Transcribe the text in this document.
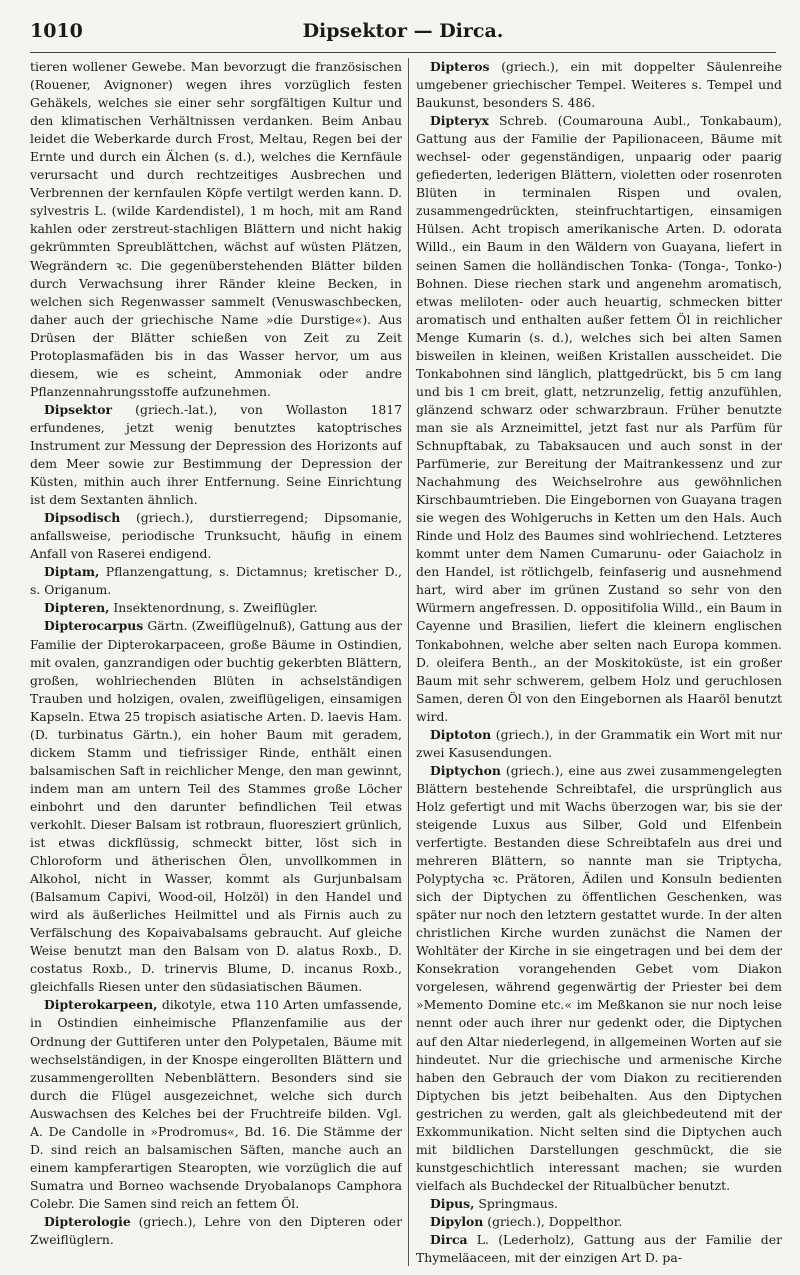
1010	Dipsektor — Dirca.

tieren wollener Gewebe. Man bevorzugt die französischen (Rouener, Avignoner) wegen ihres vorzüglich festen Gehäkels, welches sie einer sehr sorgfältigen Kultur und den klimatischen Verhältnissen verdanken. Beim Anbau leidet die Weberkarde durch Frost, Meltau, Regen bei der Ernte und durch ein Älchen (s. d.), welches die Kernfäule verursacht und durch rechtzeitiges Ausbrechen und Verbrennen der kernfaulen Köpfe vertilgt werden kann. D. sylvestris L. (wilde Kardendistel), 1 m hoch, mit am Rand kahlen oder zerstreut-stachligen Blättern und nicht hakig gekrümmten Spreublättchen, wächst auf wüsten Plätzen, Wegrändern ꝛc. Die gegenüberstehenden Blätter bilden durch Verwachsung ihrer Ränder kleine Becken, in welchen sich Regenwasser sammelt (Venuswaschbecken, daher auch der griechische Name »die Durstige«). Aus Drüsen der Blätter schießen von Zeit zu Zeit Protoplasmafäden bis in das Wasser hervor, um aus diesem, wie es scheint, Ammoniak oder andre Pflanzennahrungsstoffe aufzunehmen.

Dipsektor (griech.-lat.), von Wollaston 1817 erfundenes, jetzt wenig benutztes katoptrisches Instrument zur Messung der Depression des Horizonts auf dem Meer sowie zur Bestimmung der Depression der Küsten, mithin auch ihrer Entfernung. Seine Einrichtung ist dem Sextanten ähnlich.

Dipsodisch (griech.), durstierregend; Dipsomanie, anfallsweise, periodische Trunksucht, häufig in einem Anfall von Raserei endigend.

Diptam, Pflanzengattung, s. Dictamnus; kretischer D., s. Origanum.

Dipteren, Insektenordnung, s. Zweiflügler.

Dipterocarpus Gärtn. (Zweiflügelnuß), Gattung aus der Familie der Dipterokarpaceen, große Bäume in Ostindien, mit ovalen, ganzrandigen oder buchtig gekerbten Blättern, großen, wohlriechenden Blüten in achselständigen Trauben und holzigen, ovalen, zweiflügeligen, einsamigen Kapseln. Etwa 25 tropisch asiatische Arten. D. laevis Ham. (D. turbinatus Gärtn.), ein hoher Baum mit geradem, dickem Stamm und tiefrissiger Rinde, enthält einen balsamischen Saft in reichlicher Menge, den man gewinnt, indem man am untern Teil des Stammes große Löcher einbohrt und den darunter befindlichen Teil etwas verkohlt. Dieser Balsam ist rotbraun, fluoresziert grünlich, ist etwas dickflüssig, schmeckt bitter, löst sich in Chloroform und ätherischen Ölen, unvollkommen in Alkohol, nicht in Wasser, kommt als Gurjunbalsam (Balsamum Capivi, Wood-oil, Holzöl) in den Handel und wird als äußerliches Heilmittel und als Firnis auch zu Verfälschung des Kopaivabalsams gebraucht. Auf gleiche Weise benutzt man den Balsam von D. alatus Roxb., D. costatus Roxb., D. trinervis Blume, D. incanus Roxb., gleichfalls Riesen unter den südasiatischen Bäumen.

Dipterokarpeen, dikotyle, etwa 110 Arten umfassende, in Ostindien einheimische Pflanzenfamilie aus der Ordnung der Guttiferen unter den Polypetalen, Bäume mit wechselständigen, in der Knospe eingerollten Blättern und zusammengerollten Nebenblättern. Besonders sind sie durch die Flügel ausgezeichnet, welche sich durch Auswachsen des Kelches bei der Fruchtreife bilden. Vgl. A. De Candolle in »Prodromus«, Bd. 16. Die Stämme der D. sind reich an balsamischen Säften, manche auch an einem kampferartigen Stearopten, wie vorzüglich die auf Sumatra und Borneo wachsende Dryobalanops Camphora Colebr. Die Samen sind reich an fettem Öl.

Dipterologie (griech.), Lehre von den Dipteren oder Zweiflüglern.

Dipteros (griech.), ein mit doppelter Säulenreihe umgebener griechischer Tempel. Weiteres s. Tempel und Baukunst, besonders S. 486.

Dipteryx Schreb. (Coumarouna Aubl., Tonkabaum), Gattung aus der Familie der Papilionaceen, Bäume mit wechsel- oder gegenständigen, unpaarig oder paarig gefiederten, lederigen Blättern, violetten oder rosenroten Blüten in terminalen Rispen und ovalen, zusammengedrückten, steinfruchtartigen, einsamigen Hülsen. Acht tropisch amerikanische Arten. D. odorata Willd., ein Baum in den Wäldern von Guayana, liefert in seinen Samen die holländischen Tonka- (Tonga-, Tonko-) Bohnen. Diese riechen stark und angenehm aromatisch, etwas meliloten- oder auch heuartig, schmecken bitter aromatisch und enthalten außer fettem Öl in reichlicher Menge Kumarin (s. d.), welches sich bei alten Samen bisweilen in kleinen, weißen Kristallen ausscheidet. Die Tonkabohnen sind länglich, plattgedrückt, bis 5 cm lang und bis 1 cm breit, glatt, netzrunzelig, fettig anzufühlen, glänzend schwarz oder schwarzbraun. Früher benutzte man sie als Arzneimittel, jetzt fast nur als Parfüm für Schnupftabak, zu Tabaksaucen und auch sonst in der Parfümerie, zur Bereitung der Maitrankessenz und zur Nachahmung des Weichselrohre aus gewöhnlichen Kirschbaumtrieben. Die Eingebornen von Guayana tragen sie wegen des Wohlgeruchs in Ketten um den Hals. Auch Rinde und Holz des Baumes sind wohlriechend. Letzteres kommt unter dem Namen Cumarunu- oder Gaiacholz in den Handel, ist rötlichgelb, feinfaserig und ausnehmend hart, wird aber im grünen Zustand so sehr von den Würmern angefressen. D. oppositifolia Willd., ein Baum in Cayenne und Brasilien, liefert die kleinern englischen Tonkabohnen, welche aber selten nach Europa kommen. D. oleifera Benth., an der Moskitoküste, ist ein großer Baum mit sehr schwerem, gelbem Holz und geruchlosen Samen, deren Öl von den Eingebornen als Haaröl benutzt wird.

Diptoton (griech.), in der Grammatik ein Wort mit nur zwei Kasusendungen.

Diptychon (griech.), eine aus zwei zusammengelegten Blättern bestehende Schreibtafel, die ursprünglich aus Holz gefertigt und mit Wachs überzogen war, bis sie der steigende Luxus aus Silber, Gold und Elfenbein verfertigte. Bestanden diese Schreibtafeln aus drei und mehreren Blättern, so nannte man sie Triptycha, Polyptycha ꝛc. Prätoren, Ädilen und Konsuln bedienten sich der Diptychen zu öffentlichen Geschenken, was später nur noch den letztern gestattet wurde. In der alten christlichen Kirche wurden zunächst die Namen der Wohltäter der Kirche in sie eingetragen und bei dem der Konsekration vorangehenden Gebet vom Diakon vorgelesen, während gegenwärtig der Priester bei dem »Memento Domine etc.« im Meßkanon sie nur noch leise nennt oder auch ihrer nur gedenkt oder, die Diptychen auf den Altar niederlegend, in allgemeinen Worten auf sie hindeutet. Nur die griechische und armenische Kirche haben den Gebrauch der vom Diakon zu recitierenden Diptychen bis jetzt beibehalten. Aus den Diptychen gestrichen zu werden, galt als gleichbedeutend mit der Exkommunikation. Nicht selten sind die Diptychen auch mit bildlichen Darstellungen geschmückt, die sie kunstgeschichtlich interessant machen; sie wurden vielfach als Buchdeckel der Ritualbücher benutzt.

Dipus, Springmaus.

Dipylon (griech.), Doppelthor.

Dirca L. (Lederholz), Gattung aus der Familie der Thymeläaceen, mit der einzigen Art D. pa-
